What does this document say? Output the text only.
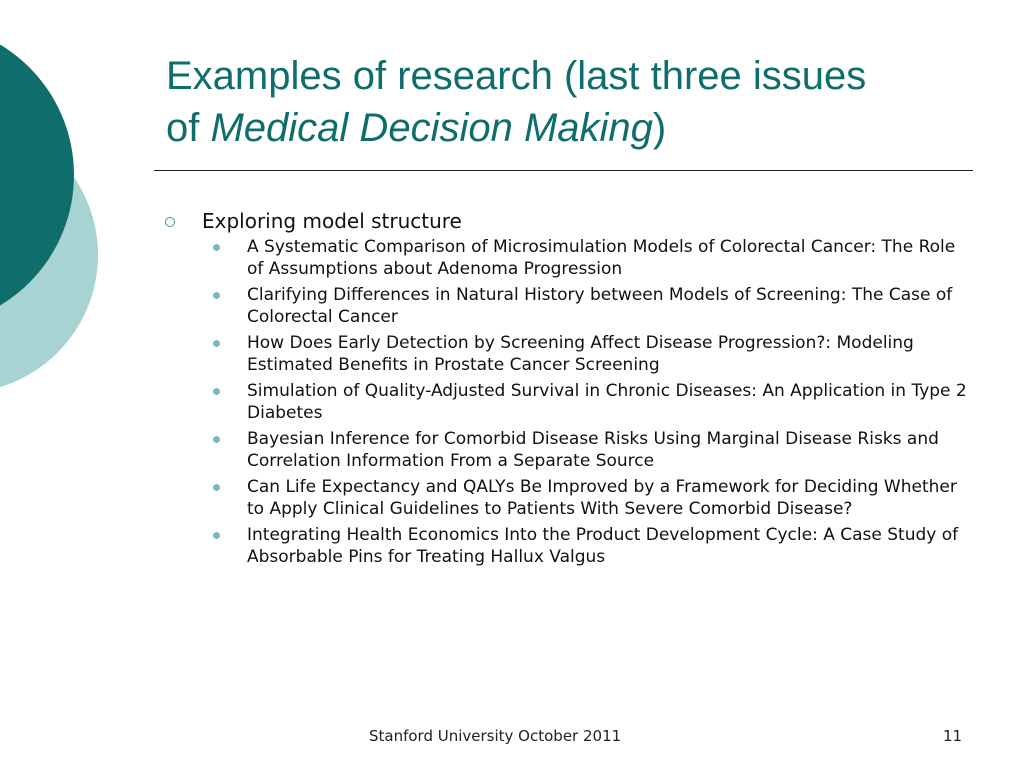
Examples of research (last three issues
of Medical Decision Making)
Exploring model structure
A Systematic Comparison of Microsimulation Models of Colorectal Cancer: The Role of Assumptions about Adenoma Progression
Clarifying Differences in Natural History between Models of Screening: The Case of Colorectal Cancer
How Does Early Detection by Screening Affect Disease Progression?: Modeling Estimated Benefits in Prostate Cancer Screening
Simulation of Quality-Adjusted Survival in Chronic Diseases: An Application in Type 2 Diabetes
Bayesian Inference for Comorbid Disease Risks Using Marginal Disease Risks and Correlation Information From a Separate Source
Can Life Expectancy and QALYs Be Improved by a Framework for Deciding Whether to Apply Clinical Guidelines to Patients With Severe Comorbid Disease?
Integrating Health Economics Into the Product Development Cycle: A Case Study of Absorbable Pins for Treating Hallux Valgus
Stanford University October 2011	11
